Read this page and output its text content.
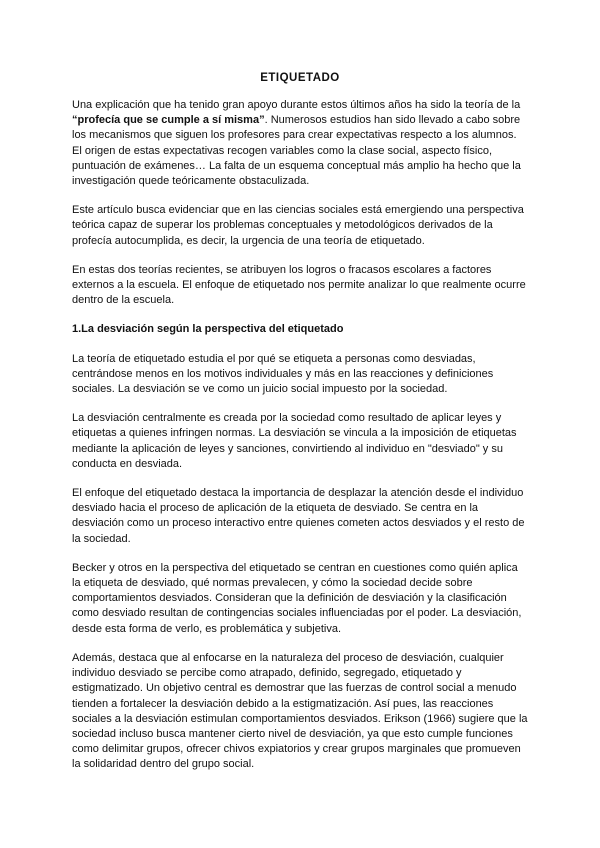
ETIQUETADO

Una explicación que ha tenido gran apoyo durante estos últimos años ha sido la teoría de la “profecía que se cumple a sí misma”. Numerosos estudios han sido llevado a cabo sobre los mecanismos que siguen los profesores para crear expectativas respecto a los alumnos. El origen de estas expectativas recogen variables como la clase social, aspecto físico, puntuación de exámenes… La falta de un esquema conceptual más amplio ha hecho que la investigación quede teóricamente obstaculizada.

Este artículo busca evidenciar que en las ciencias sociales está emergiendo una perspectiva teórica capaz de superar los problemas conceptuales y metodológicos derivados de la profecía autocumplida, es decir, la urgencia de una teoría de etiquetado.

En estas dos teorías recientes, se atribuyen los logros o fracasos escolares a factores externos a la escuela. El enfoque de etiquetado nos permite analizar lo que realmente ocurre dentro de la escuela.

1.La desviación según la perspectiva del etiquetado

La teoría de etiquetado estudia el por qué se etiqueta a personas como desviadas, centrándose menos en los motivos individuales y más en las reacciones y definiciones sociales. La desviación se ve como un juicio social impuesto por la sociedad.

La desviación centralmente es creada por la sociedad como resultado de aplicar leyes y etiquetas a quienes infringen normas. La desviación se vincula a la imposición de etiquetas mediante la aplicación de leyes y sanciones, convirtiendo al individuo en "desviado" y su conducta en desviada.

El enfoque del etiquetado destaca la importancia de desplazar la atención desde el individuo desviado hacia el proceso de aplicación de la etiqueta de desviado. Se centra en la desviación como un proceso interactivo entre quienes cometen actos desviados y el resto de la sociedad.

Becker y otros en la perspectiva del etiquetado se centran en cuestiones como quién aplica la etiqueta de desviado, qué normas prevalecen, y cómo la sociedad decide sobre comportamientos desviados. Consideran que la definición de desviación y la clasificación como desviado resultan de contingencias sociales influenciadas por el poder. La desviación, desde esta forma de verlo, es problemática y subjetiva.

Además, destaca que al enfocarse en la naturaleza del proceso de desviación, cualquier individuo desviado se percibe como atrapado, definido, segregado, etiquetado y estigmatizado. Un objetivo central es demostrar que las fuerzas de control social a menudo tienden a fortalecer la desviación debido a la estigmatización. Así pues, las reacciones sociales a la desviación estimulan comportamientos desviados. Erikson (1966) sugiere que la sociedad incluso busca mantener cierto nivel de desviación, ya que esto cumple funciones como delimitar grupos, ofrecer chivos expiatorios y crear grupos marginales que promueven la solidaridad dentro del grupo social.
